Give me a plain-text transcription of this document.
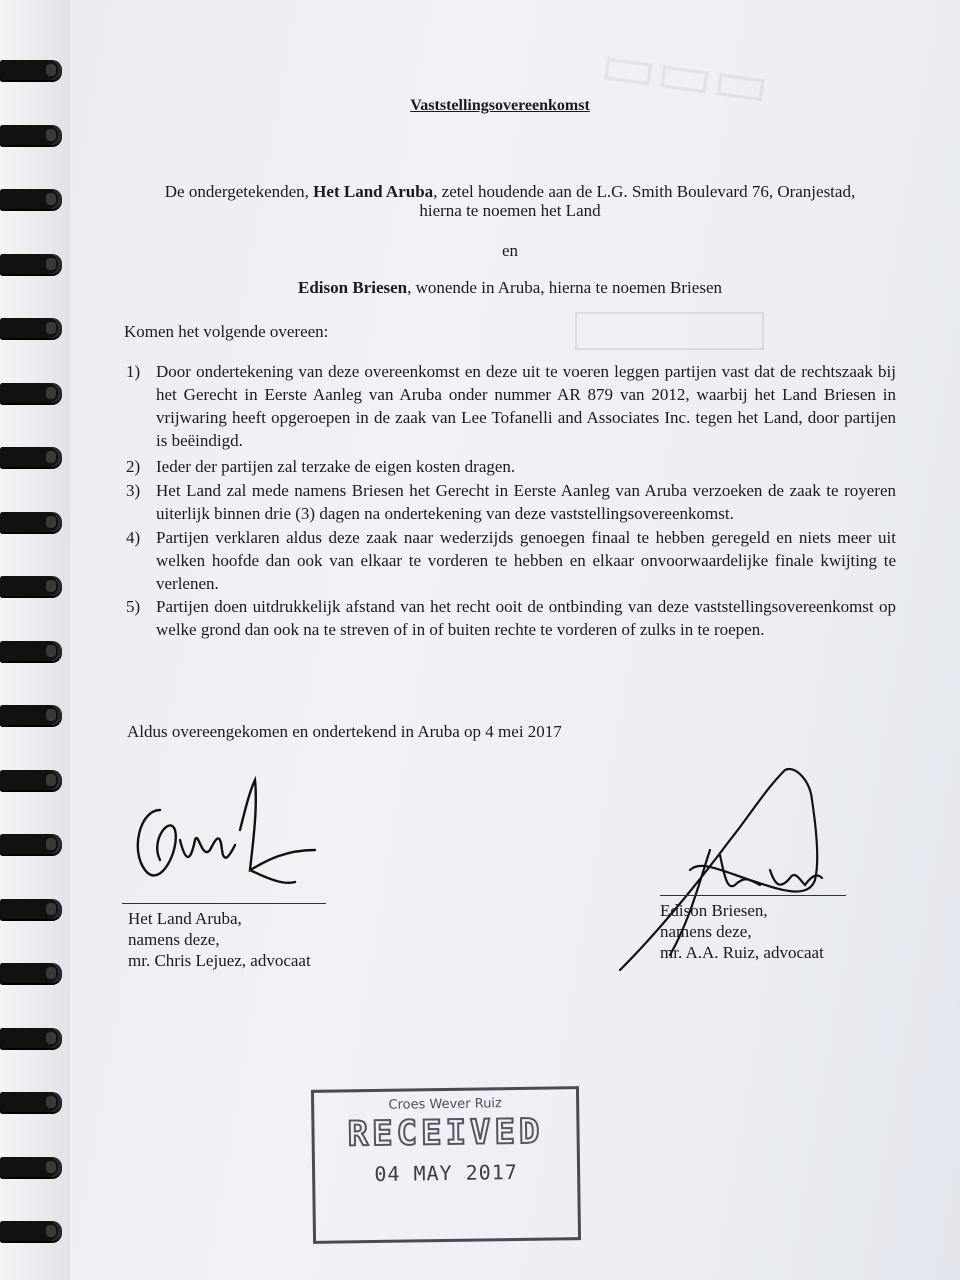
▭▭▭
Vaststellingsovereenkomst
De ondergetekenden, Het Land Aruba, zetel houdende aan de L.G. Smith Boulevard 76, Oranjestad,
hierna te noemen het Land
en
Edison Briesen, wonende in Aruba, hierna te noemen Briesen
Komen het volgende overeen:
1) Door ondertekening van deze overeenkomst en deze uit te voeren leggen partijen vast dat de rechtszaak bij het Gerecht in Eerste Aanleg van Aruba onder nummer AR 879 van 2012, waarbij het Land Briesen in vrijwaring heeft opgeroepen in de zaak van Lee Tofanelli and Associates Inc. tegen het Land, door partijen is beëindigd.
2) Ieder der partijen zal terzake de eigen kosten dragen.
3) Het Land zal mede namens Briesen het Gerecht in Eerste Aanleg van Aruba verzoeken de zaak te royeren uiterlijk binnen drie (3) dagen na ondertekening van deze vaststellingsovereenkomst.
4) Partijen verklaren aldus deze zaak naar wederzijds genoegen finaal te hebben geregeld en niets meer uit welken hoofde dan ook van elkaar te vorderen te hebben en elkaar onvoorwaardelijke finale kwijting te verlenen.
5) Partijen doen uitdrukkelijk afstand van het recht ooit de ontbinding van deze vaststellingsovereenkomst op welke grond dan ook na te streven of in of buiten rechte te vorderen of zulks in te roepen.
Aldus overeengekomen en ondertekend in Aruba op 4 mei 2017
Het Land Aruba,
namens deze,
mr. Chris Lejuez, advocaat
Edison Briesen,
namens deze,
mr. A.A. Ruiz, advocaat
Croes Wever Ruiz
RECEIVED
04 MAY 2017
